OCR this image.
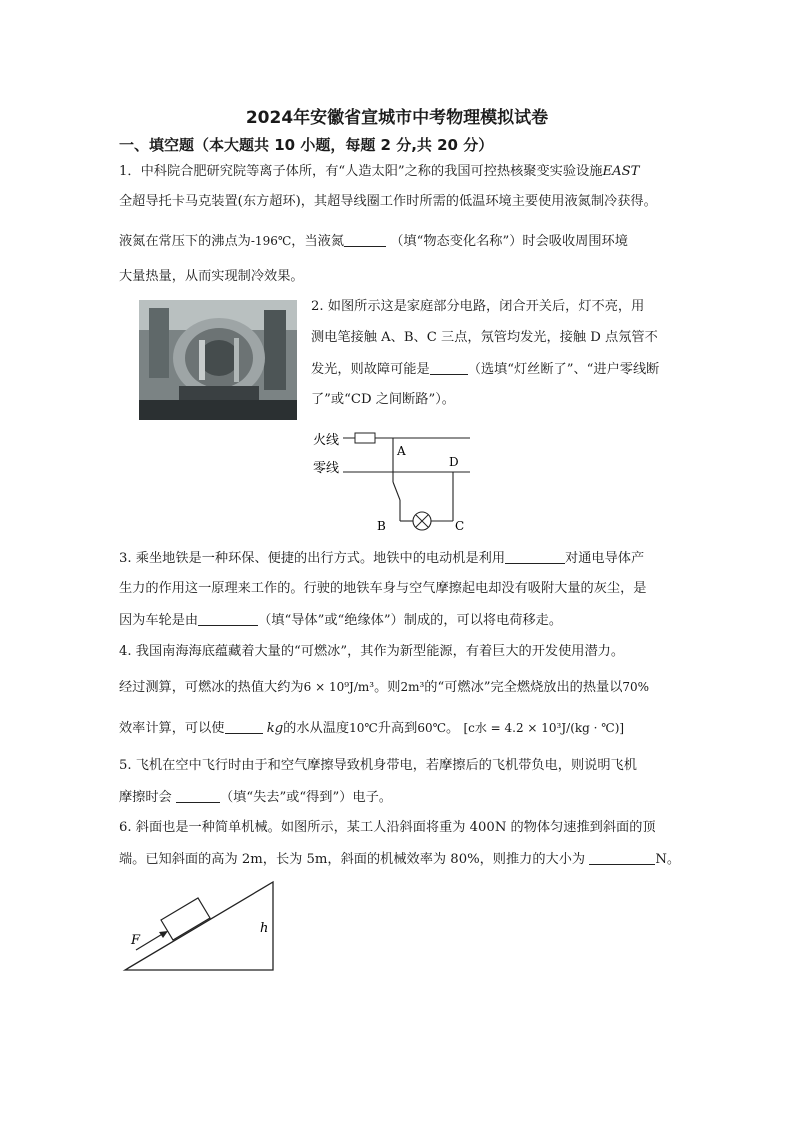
2024年安徽省宣城市中考物理模拟试卷
一、填空题（本大题共 10 小题，每题 2 分,共 20 分）
1．中科院合肥研究院等离子体所，有“人造太阳”之称的我国可控热核聚变实验设施EAST
全超导托卡马克装置(东方超环)，其超导线圈工作时所需的低温环境主要使用液氮制冷获得。
液氮在常压下的沸点为-196℃，当液氮	（填“物态变化名称”）时会吸收周围环境
大量热量，从而实现制冷效果。
2. 如图所示这是家庭部分电路，闭合开关后，灯不亮，用
测电笔接触 A、B、C 三点，氖管均发光，接触 D 点氖管不
发光，则故障可能是	（选填“灯丝断了”、“进户零线断
了”或“CD 之间断路”）。
火线
零线
A
D
B	C
3. 乘坐地铁是一种环保、便捷的出行方式。地铁中的电动机是利用	对通电导体产
生力的作用这一原理来工作的。行驶的地铁车身与空气摩擦起电却没有吸附大量的灰尘，是
因为车轮是由	（填“导体”或“绝缘体”）制成的，可以将电荷移走。
4. 我国南海海底蕴藏着大量的“可燃冰”，其作为新型能源，有着巨大的开发使用潜力。
经过测算，可燃冰的热值大约为6 × 10⁹J/m³。则2m³的“可燃冰”完全燃烧放出的热量以70%
效率计算，可以使	kg的水从温度10℃升高到60℃。 [c水 = 4.2 × 10³J/(kg · ℃)]
5. 飞机在空中飞行时由于和空气摩擦导致机身带电，若摩擦后的飞机带负电，则说明飞机
摩擦时会	（填“失去”或“得到”）电子。
6. 斜面也是一种简单机械。如图所示，某工人沿斜面将重为 400N 的物体匀速推到斜面的顶
端。已知斜面的高为 2m，长为 5m，斜面的机械效率为 80%，则推力的大小为	N。
F
h
